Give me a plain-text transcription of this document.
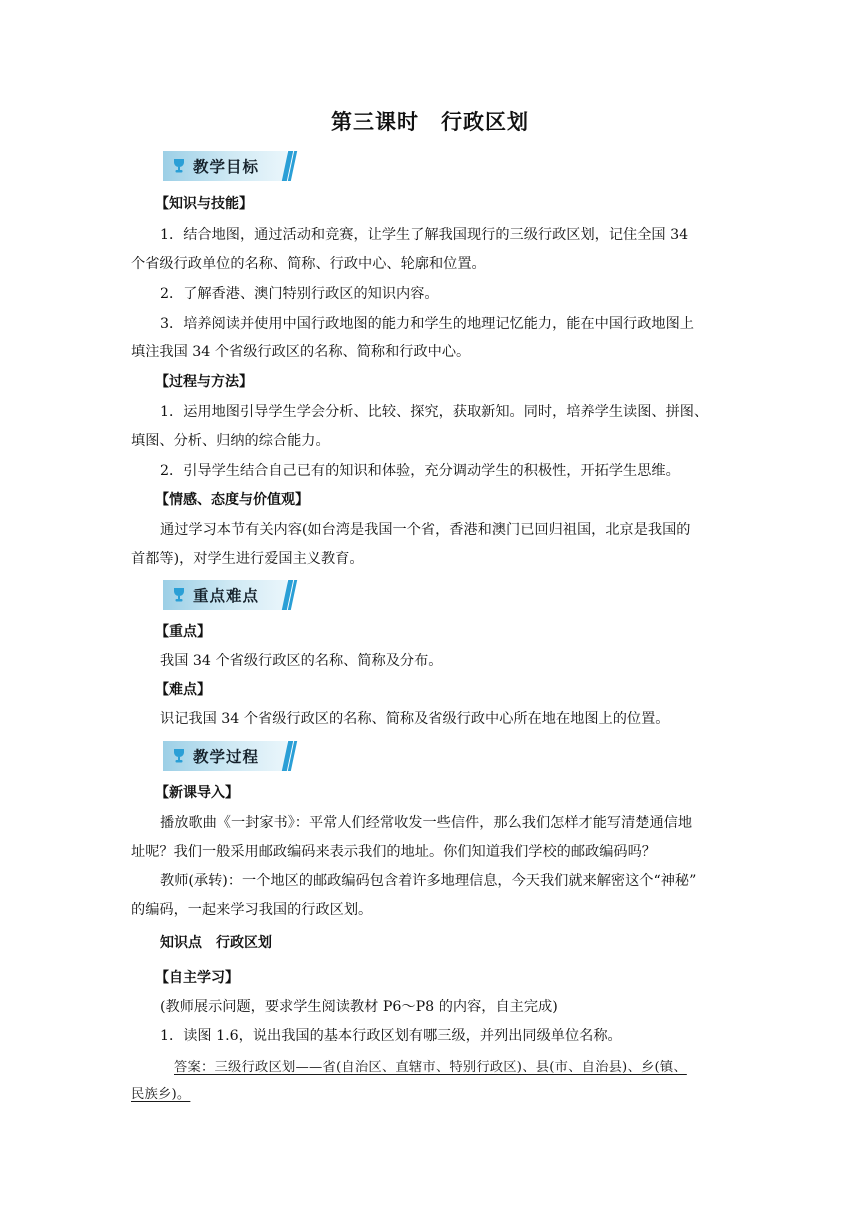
第三课时　行政区划
教学目标
【知识与技能】
1．结合地图，通过活动和竞赛，让学生了解我国现行的三级行政区划，记住全国 34
个省级行政单位的名称、简称、行政中心、轮廓和位置。
2．了解香港、澳门特别行政区的知识内容。
3．培养阅读并使用中国行政地图的能力和学生的地理记忆能力，能在中国行政地图上
填注我国 34 个省级行政区的名称、简称和行政中心。
【过程与方法】
1．运用地图引导学生学会分析、比较、探究，获取新知。同时，培养学生读图、拼图、
填图、分析、归纳的综合能力。
2．引导学生结合自己已有的知识和体验，充分调动学生的积极性，开拓学生思维。
【情感、态度与价值观】
通过学习本节有关内容(如台湾是我国一个省，香港和澳门已回归祖国，北京是我国的
首都等)，对学生进行爱国主义教育。
重点难点
【重点】
我国 34 个省级行政区的名称、简称及分布。
【难点】
识记我国 34 个省级行政区的名称、简称及省级行政中心所在地在地图上的位置。
教学过程
【新课导入】
播放歌曲《一封家书》：平常人们经常收发一些信件，那么我们怎样才能写清楚通信地
址呢？我们一般采用邮政编码来表示我们的地址。你们知道我们学校的邮政编码吗？
教师(承转)：一个地区的邮政编码包含着许多地理信息，今天我们就来解密这个“神秘”
的编码，一起来学习我国的行政区划。
知识点　行政区划
【自主学习】
(教师展示问题，要求学生阅读教材 P6～P8 的内容，自主完成)
1．读图 1.6，说出我国的基本行政区划有哪三级，并列出同级单位名称。
答案：三级行政区划——省(自治区、直辖市、特别行政区)、县(市、自治县)、乡(镇、
民族乡)。
